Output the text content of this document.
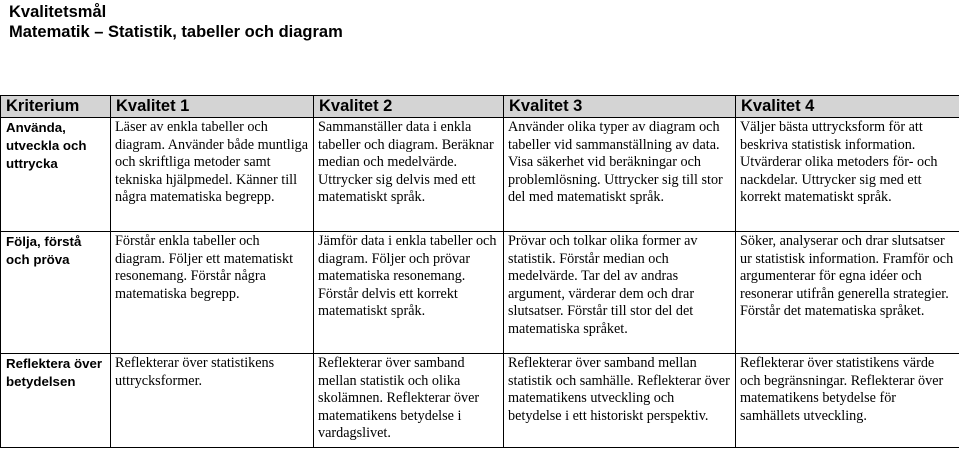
Kvalitetsmål
Matematik – Statistik, tabeller och diagram
Kriterium	Kvalitet 1	Kvalitet 2	Kvalitet 3	Kvalitet 4
Använda, utveckla och uttrycka	Läser av enkla tabeller och diagram. Använder både muntliga och skriftliga metoder samt tekniska hjälpmedel. Känner till några matematiska begrepp.	Sammanställer data i enkla tabeller och diagram. Beräknar median och medelvärde. Uttrycker sig delvis med ett matematiskt språk.	Använder olika typer av diagram och tabeller vid sammanställning av data. Visa säkerhet vid beräkningar och problemlösning. Uttrycker sig till stor del med matematiskt språk.	Väljer bästa uttrycksform för att beskriva statistisk information. Utvärderar olika metoders för- och nackdelar. Uttrycker sig med ett korrekt matematiskt språk.
Följa, förstå och pröva	Förstår enkla tabeller och diagram. Följer ett matematiskt resonemang. Förstår några matematiska begrepp.	Jämför data i enkla tabeller och diagram. Följer och prövar matematiska resonemang. Förstår delvis ett korrekt matematiskt språk.	Prövar och tolkar olika former av statistik. Förstår median och medelvärde. Tar del av andras argument, värderar dem och drar slutsatser. Förstår till stor del det matematiska språket.	Söker, analyserar och drar slutsatser ur statistisk information. Framför och argumenterar för egna idéer och resonerar utifrån generella strategier. Förstår det matematiska språket.
Reflektera över betydelsen	Reflekterar över statistikens uttrycksformer.	Reflekterar över samband mellan statistik och olika skolämnen. Reflekterar över matematikens betydelse i vardagslivet.	Reflekterar över samband mellan statistik och samhälle. Reflekterar över matematikens utveckling och betydelse i ett historiskt perspektiv.	Reflekterar över statistikens värde och begränsningar. Reflekterar över matematikens betydelse för samhällets utveckling.
